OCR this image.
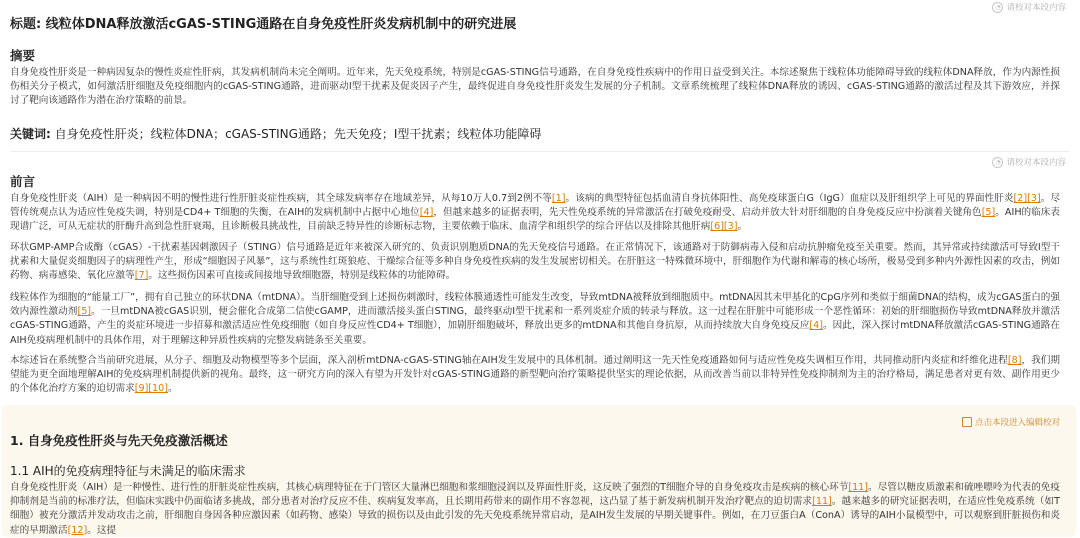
◔ 请校对本段内容
标题: 线粒体DNA释放激活cGAS-STING通路在自身免疫性肝炎发病机制中的研究进展
摘要
自身免疫性肝炎是一种病因复杂的慢性炎症性肝病，其发病机制尚未完全阐明。近年来，先天免疫系统，特别是cGAS-STING信号通路，在自身免疫性疾病中的作用日益受到关注。本综述聚焦于线粒体功能障碍导致的线粒体DNA释放，作为内源性损伤相关分子模式，如何激活肝细胞及免疫细胞内的cGAS-STING通路，进而驱动I型干扰素及促炎因子产生，最终促进自身免疫性肝炎发生发展的分子机制。文章系统梳理了线粒体DNA释放的诱因、cGAS-STING通路的激活过程及其下游效应，并探讨了靶向该通路作为潜在治疗策略的前景。
关键词: 自身免疫性肝炎；线粒体DNA；cGAS-STING通路；先天免疫；I型干扰素；线粒体功能障碍
◔ 请校对本段内容
前言
自身免疫性肝炎（AIH）是一种病因不明的慢性进行性肝脏炎症性疾病，其全球发病率存在地域差异，从每10万人0.7到2例不等[1]。该病的典型特征包括血清自身抗体阳性、高免疫球蛋白G（IgG）血症以及肝组织学上可见的界面性肝炎[2][3]。尽管传统观点认为适应性免疫失调，特别是CD4+ T细胞的失衡，在AIH的发病机制中占据中心地位[4]，但越来越多的证据表明，先天性免疫系统的异常激活在打破免疫耐受、启动并放大针对肝细胞的自身免疫反应中扮演着关键角色[5]。AIH的临床表现谱广泛，可从无症状的肝酶升高到急性肝衰竭，且诊断极具挑战性，目前缺乏特异性的诊断标志物，主要依赖于临床、血清学和组织学的综合评估以及排除其他肝病[6][3]。
环状GMP-AMP合成酶（cGAS）-干扰素基因刺激因子（STING）信号通路是近年来被深入研究的、负责识别胞质DNA的先天免疫信号通路。在正常情况下，该通路对于防御病毒入侵和启动抗肿瘤免疫至关重要。然而，其异常或持续激活可导致I型干扰素和大量促炎细胞因子的病理性产生，形成“细胞因子风暴”，这与系统性红斑狼疮、干燥综合征等多种自身免疫性疾病的发生发展密切相关。在肝脏这一特殊微环境中，肝细胞作为代谢和解毒的核心场所，极易受到多种内外源性因素的攻击，例如药物、病毒感染、氧化应激等[7]。这些损伤因素可直接或间接地导致细胞器，特别是线粒体的功能障碍。
线粒体作为细胞的“能量工厂”，拥有自己独立的环状DNA（mtDNA）。当肝细胞受到上述损伤刺激时，线粒体膜通透性可能发生改变，导致mtDNA被释放到细胞质中。mtDNA因其未甲基化的CpG序列和类似于细菌DNA的结构，成为cGAS蛋白的强效内源性激动剂[5]。一旦mtDNA被cGAS识别，便会催化合成第二信使cGAMP，进而激活接头蛋白STING，最终驱动I型干扰素和一系列炎症介质的转录与释放。这一过程在肝脏中可能形成一个恶性循环：初始的肝细胞损伤导致mtDNA释放并激活cGAS-STING通路，产生的炎症环境进一步招募和激活适应性免疫细胞（如自身反应性CD4+ T细胞），加剧肝细胞破坏，释放出更多的mtDNA和其他自身抗原，从而持续放大自身免疫反应[4]。因此，深入探讨mtDNA释放激活cGAS-STING通路在AIH免疫病理机制中的具体作用，对于理解这种异质性疾病的完整发病链条至关重要。
本综述旨在系统整合当前研究进展，从分子、细胞及动物模型等多个层面，深入剖析mtDNA-cGAS-STING轴在AIH发生发展中的具体机制。通过阐明这一先天性免疫通路如何与适应性免疫失调相互作用，共同推动肝内炎症和纤维化进程[8]，我们期望能为更全面地理解AIH的免疫病理机制提供新的视角。最终，这一研究方向的深入有望为开发针对cGAS-STING通路的新型靶向治疗策略提供坚实的理论依据，从而改善当前以非特异性免疫抑制剂为主的治疗格局，满足患者对更有效、副作用更少的个体化治疗方案的迫切需求[9][10]。
点击本段进入编辑校对
1. 自身免疫性肝炎与先天免疫激活概述
1.1 AIH的免疫病理特征与未满足的临床需求
自身免疫性肝炎（AIH）是一种慢性、进行性的肝脏炎症性疾病，其核心病理特征在于门管区大量淋巴细胞和浆细胞浸润以及界面性肝炎，这反映了强烈的T细胞介导的自身免疫攻击是疾病的核心环节[11]。尽管以糖皮质激素和硫唑嘌呤为代表的免疫抑制剂是当前的标准疗法，但临床实践中仍面临诸多挑战，部分患者对治疗反应不佳、疾病复发率高，且长期用药带来的副作用不容忽视，这凸显了基于新发病机制开发治疗靶点的迫切需求[11]。越来越多的研究证据表明，在适应性免疫系统（如T细胞）被充分激活并发动攻击之前，肝细胞自身因各种应激因素（如药物、感染）导致的损伤以及由此引发的先天免疫系统异常启动，是AIH发生发展的早期关键事件。例如，在刀豆蛋白A（ConA）诱导的AIH小鼠模型中，可以观察到肝脏损伤和炎症的早期激活[12]。这提
